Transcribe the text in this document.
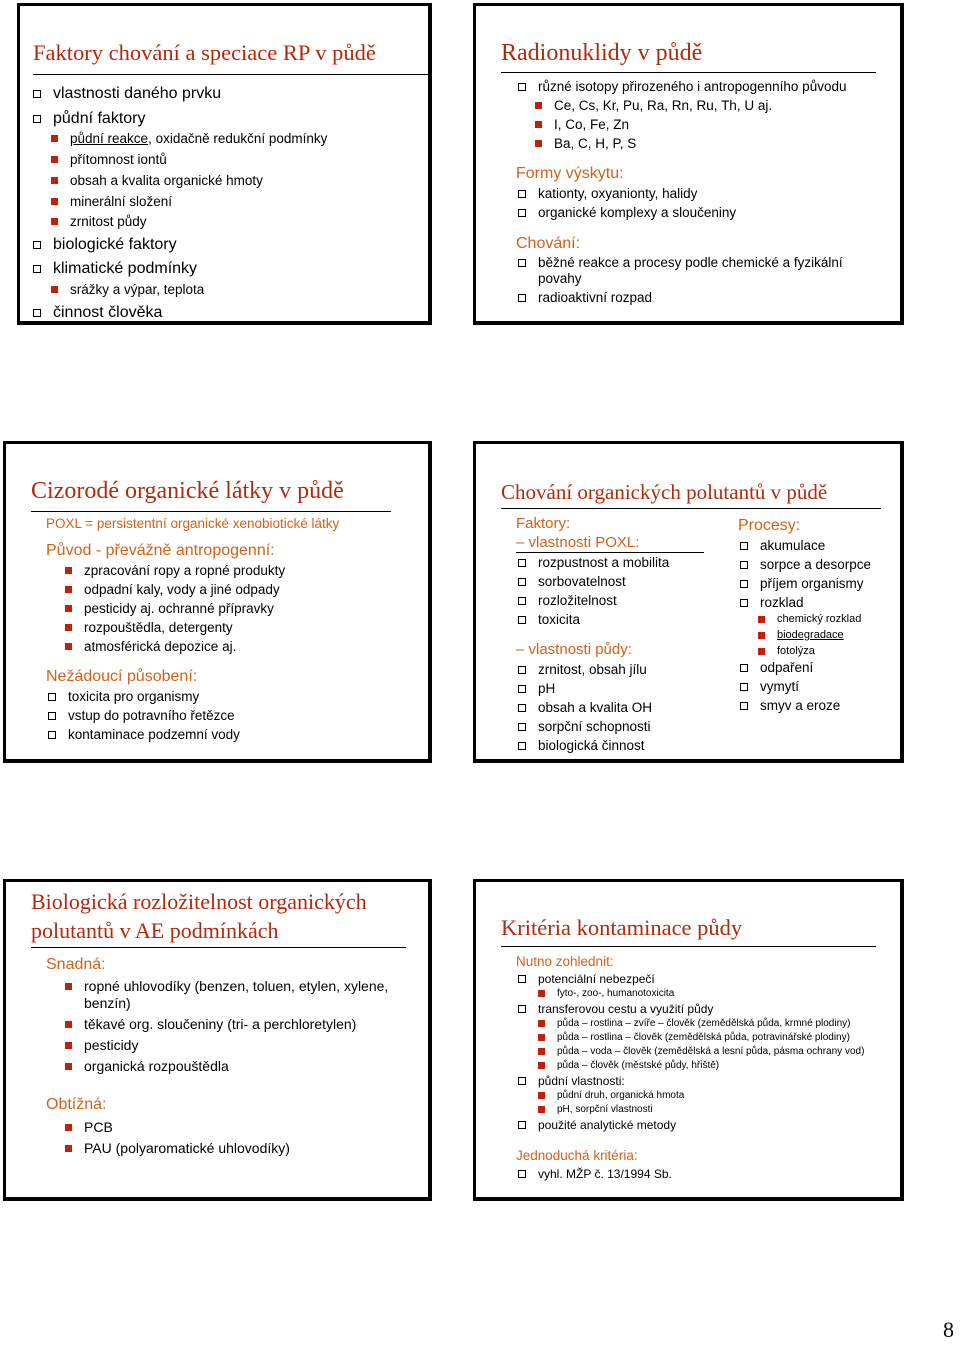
Faktory chování a speciace RP v půdě
vlastnosti daného prvku
půdní faktory
půdní reakce , oxidačně redukční podmínky
přítomnost iontů
obsah a kvalita organické hmoty
minerální složení
zrnitost půdy
biologické faktory
klimatické podmínky
srážky a výpar, teplota
činnost člověka
Radionuklidy v půdě
různé isotopy přirozeného i antropogenního původu
Ce, Cs, Kr, Pu, Ra, Rn, Ru, Th, U aj.
I, Co, Fe, Zn
Ba, C, H, P, S
Formy výskytu:
kationty, oxyanionty, halidy
organické komplexy a sloučeniny
Chování:
běžné reakce a procesy podle chemické a fyzikální
povahy
radioaktivní rozpad
Cizorodé organické látky v půdě
POXL = persistentní organické xenobiotické látky
Původ - převážně antropogenní:
zpracování ropy a ropné produkty
odpadní kaly, vody a jiné odpady
pesticidy aj. ochranné přípravky
rozpouštědla, detergenty
atmosférická depozice aj.
Nežádoucí působení:
toxicita pro organismy
vstup do potravního řetězce
kontaminace podzemní vody
Chování organických polutantů v půdě
Faktory:
– vlastnosti POXL:
rozpustnost a mobilita
sorbovatelnost
rozložitelnost
toxicita
– vlastnosti půdy:
zrnitost, obsah jílu
pH
obsah a kvalita OH
sorpční schopnosti
biologická činnost
Procesy:
akumulace
sorpce a desorpce
příjem organismy
rozklad
chemický rozklad
biodegradace
fotolýza
odpaření
vymytí
smyv a eroze
Biologická rozložitelnost organických
polutantů v AE podmínkách
Snadná:
ropné uhlovodíky (benzen, toluen, etylen, xylene,
benzín)
těkavé org. sloučeniny (tri- a perchloretylen)
pesticidy
organická rozpouštědla
Obtížná:
PCB
PAU (polyaromatické uhlovodíky)
Kritéria kontaminace půdy
Nutno zohlednit:
potenciální nebezpečí
fyto-, zoo-, humanotoxicita
transferovou cestu a využití půdy
půda – rostlina – zvíře – člověk (zemědělská půda, krmné plodiny)
půda – rostlina – člověk (zemědělská půda, potravinářské plodiny)
půda – voda – člověk (zemědělská a lesní půda, pásma ochrany vod)
půda – člověk (městské půdy, hřiště)
půdní vlastnosti:
půdní druh, organická hmota
pH, sorpční vlastnosti
použité analytické metody
Jednoduchá kritéria:
vyhl. MŽP č. 13/1994 Sb.
8
